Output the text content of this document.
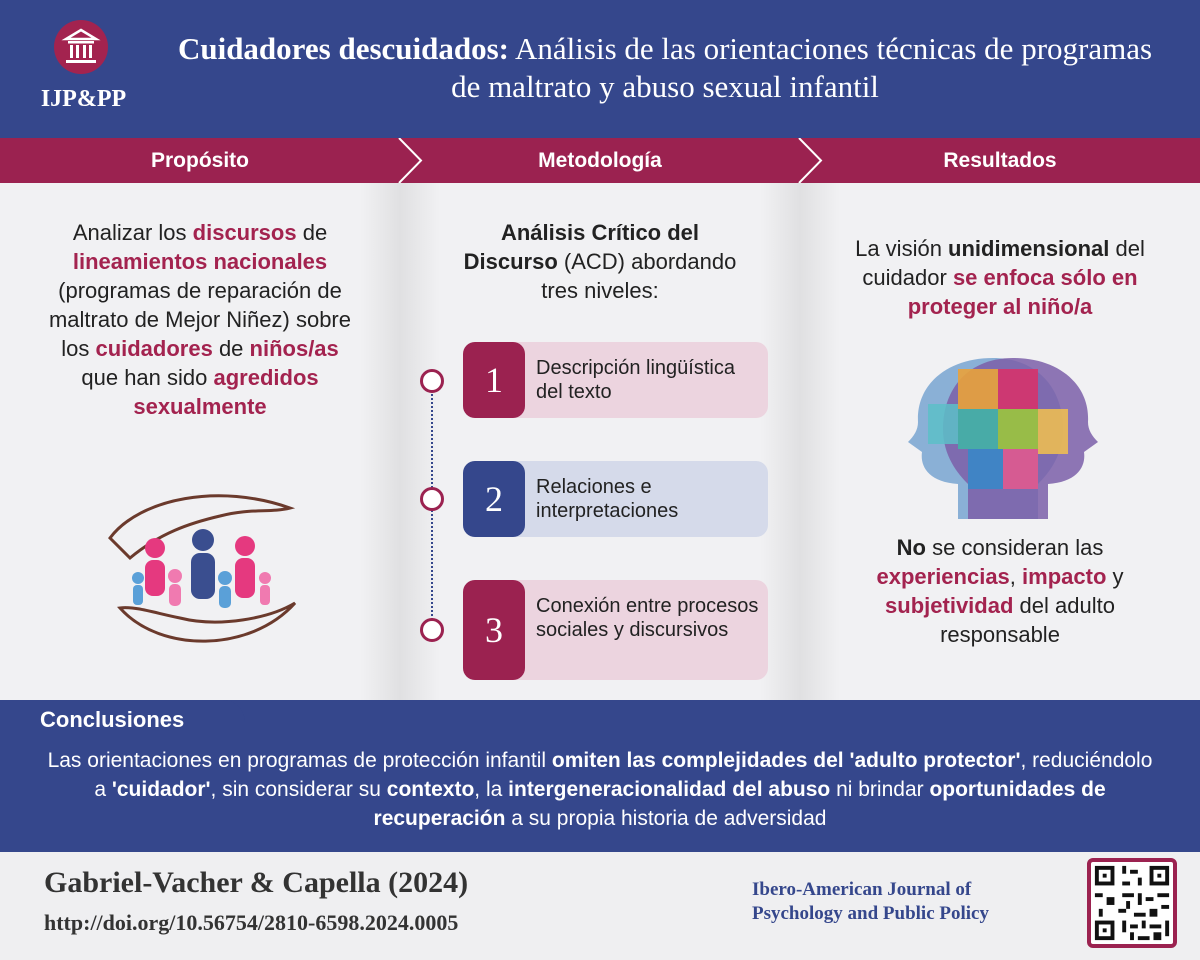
IJP&PP
Cuidadores descuidados: Análisis de las orientaciones técnicas de programas de maltrato y abuso sexual infantil
Propósito	Metodología	Resultados
Analizar los discursos de lineamientos nacionales (programas de reparación de maltrato de Mejor Niñez) sobre los cuidadores de niños/as que han sido agredidos sexualmente
Análisis Crítico del Discurso (ACD) abordando tres niveles:
1	Descripción lingüística del texto
2	Relaciones e interpretaciones
3
Conexión entre procesos sociales y discursivos
La visión unidimensional del cuidador se enfoca sólo en proteger al niño/a
No se consideran las experiencias, impacto y subjetividad del adulto responsable
Conclusiones
Las orientaciones en programas de protección infantil omiten las complejidades del 'adulto protector', reduciéndolo a 'cuidador', sin considerar su contexto, la intergeneracionalidad del abuso ni brindar oportunidades de recuperación a su propia historia de adversidad
Gabriel-Vacher & Capella (2024)
http://doi.org/10.56754/2810-6598.2024.0005
Ibero-American Journal of Psychology and Public Policy
